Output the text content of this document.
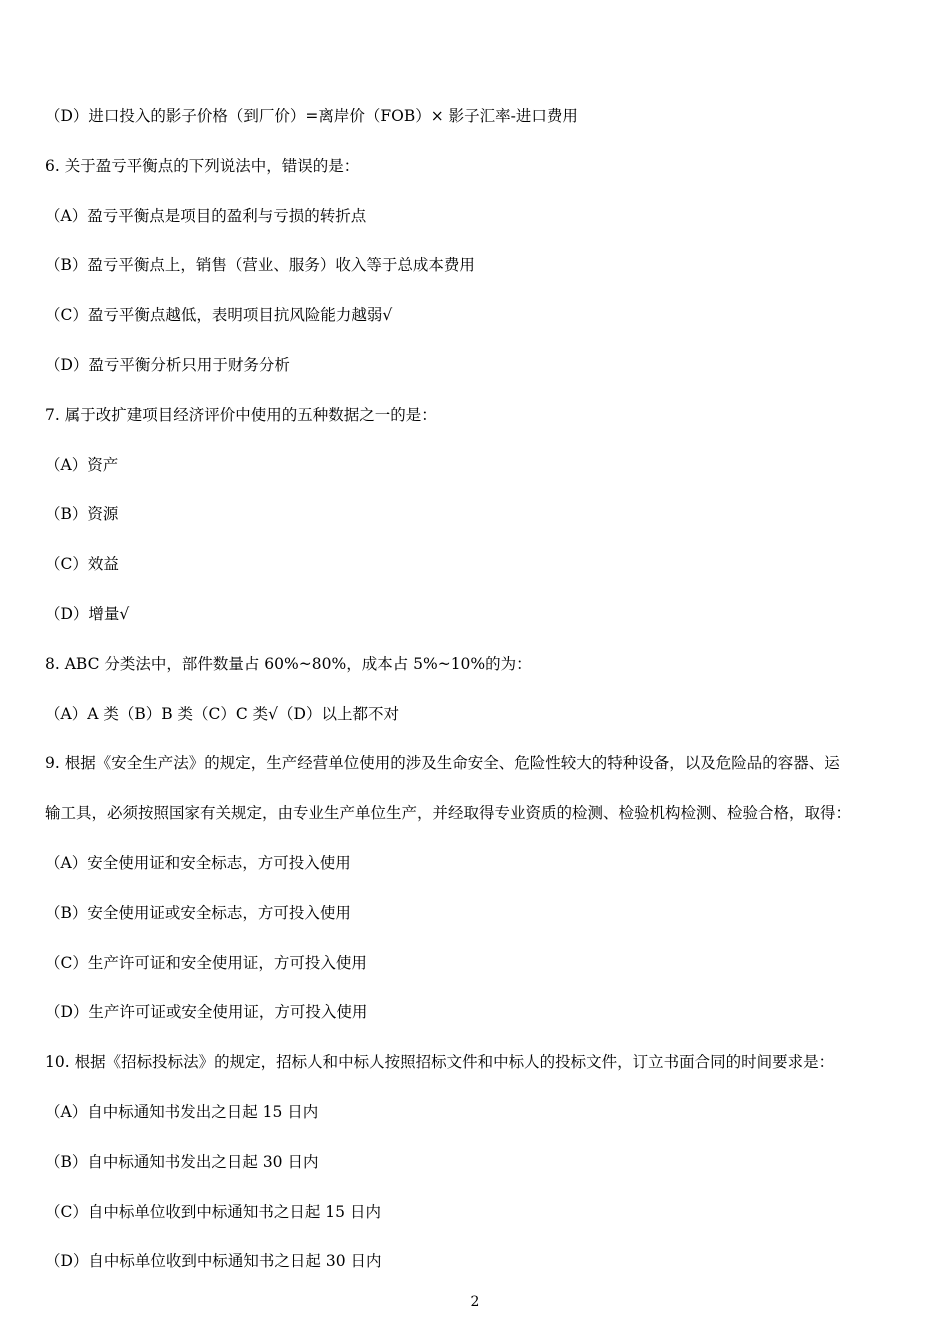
（D）进口投入的影子价格（到厂价）=离岸价（FOB）× 影子汇率-进口费用
6. 关于盈亏平衡点的下列说法中，错误的是：
（A）盈亏平衡点是项目的盈利与亏损的转折点
（B）盈亏平衡点上，销售（营业、服务）收入等于总成本费用
（C）盈亏平衡点越低，表明项目抗风险能力越弱√
（D）盈亏平衡分析只用于财务分析
7. 属于改扩建项目经济评价中使用的五种数据之一的是：
（A）资产
（B）资源
（C）效益
（D）增量√
8. ABC 分类法中，部件数量占 60%~80%，成本占 5%~10%的为：
（A）A 类（B）B 类（C）C 类√（D）以上都不对
9. 根据《安全生产法》的规定，生产经营单位使用的涉及生命安全、危险性较大的特种设备，以及危险品的容器、运
输工具，必须按照国家有关规定，由专业生产单位生产，并经取得专业资质的检测、检验机构检测、检验合格，取得：
（A）安全使用证和安全标志，方可投入使用
（B）安全使用证或安全标志，方可投入使用
（C）生产许可证和安全使用证，方可投入使用
（D）生产许可证或安全使用证，方可投入使用
10. 根据《招标投标法》的规定，招标人和中标人按照招标文件和中标人的投标文件，订立书面合同的时间要求是：
（A）自中标通知书发出之日起 15 日内
（B）自中标通知书发出之日起 30 日内
（C）自中标单位收到中标通知书之日起 15 日内
（D）自中标单位收到中标通知书之日起 30 日内
2
